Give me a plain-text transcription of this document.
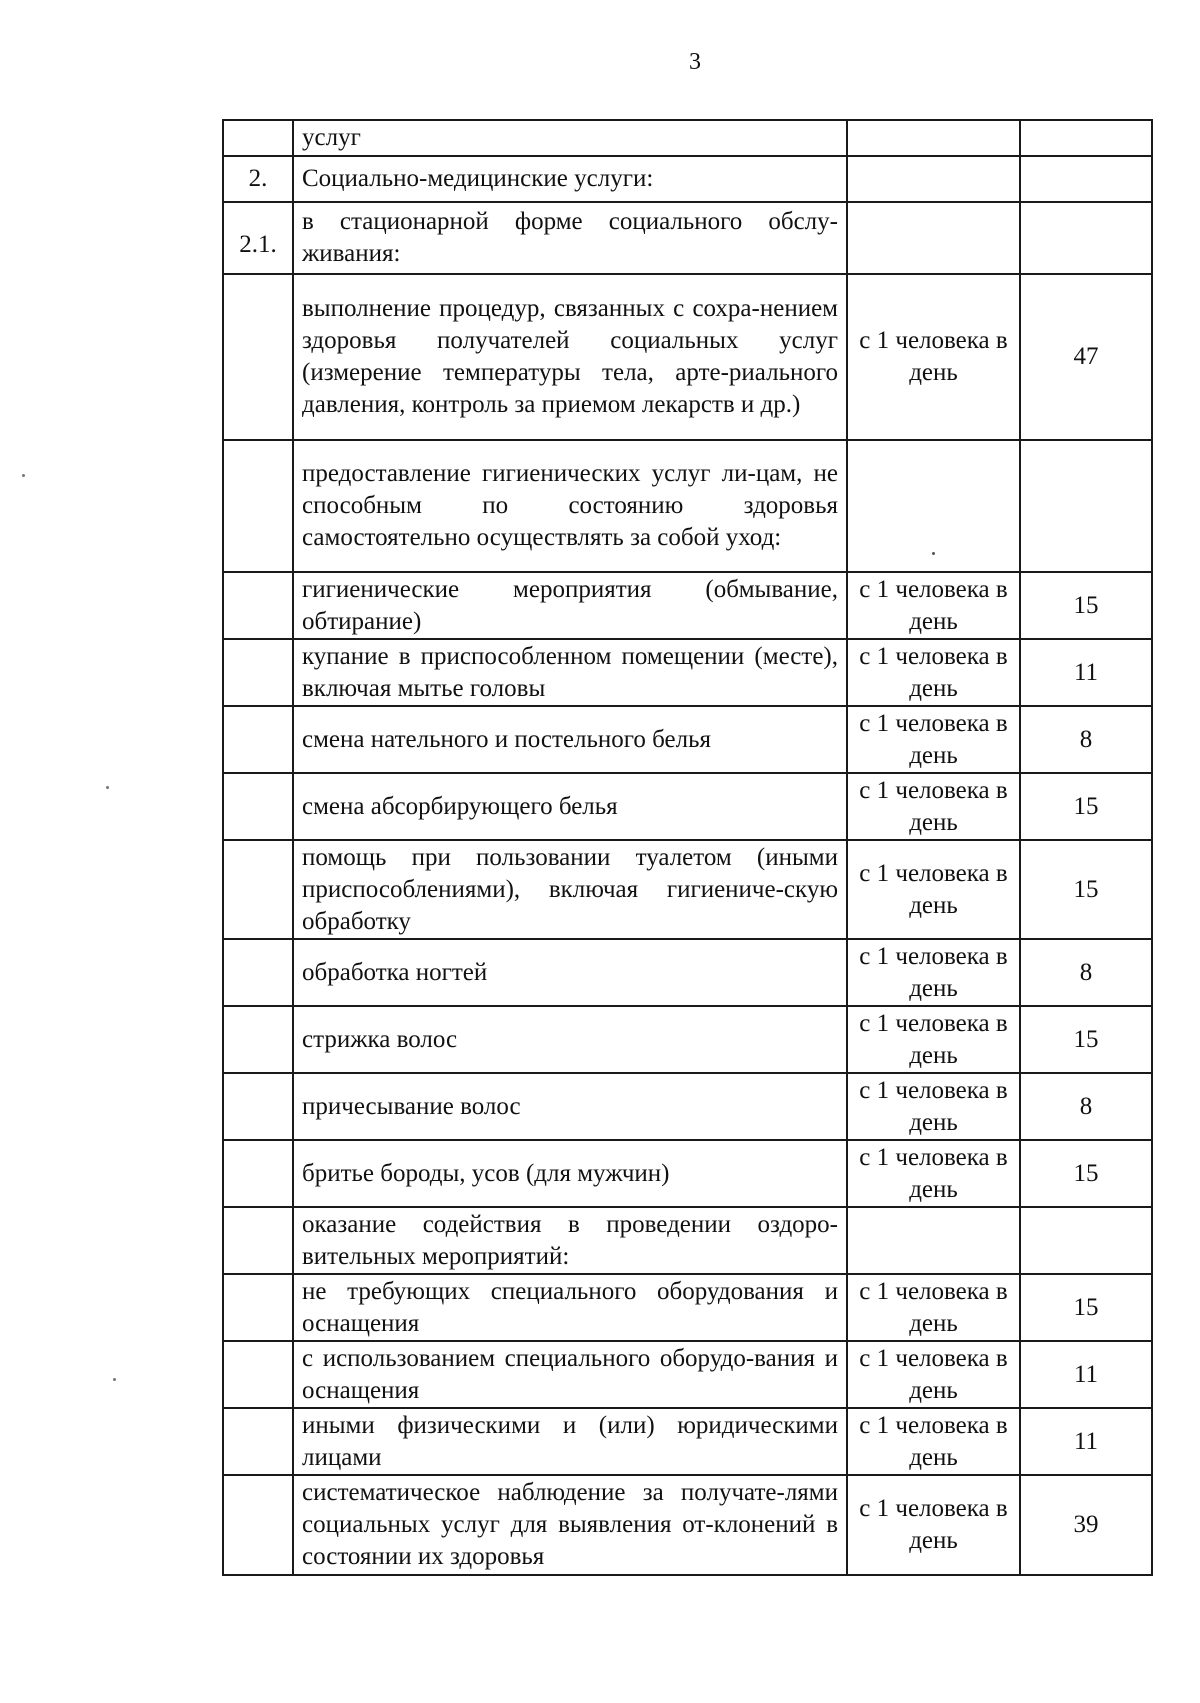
3
	услуг		
2.	Социально-медицинские услуги:		
2.1.	в стационарной форме социального обслу-живания:		
	выполнение процедур, связанных с сохра-нением здоровья получателей социальных услуг (измерение температуры тела, арте-риального давления, контроль за приемом лекарств и др.)	с 1 человека в день	47
	предоставление гигиенических услуг ли-цам, не способным по состоянию здоровья самостоятельно осуществлять за собой уход:		
	гигиенические мероприятия (обмывание, обтирание)	с 1 человека в день	15
	купание в приспособленном помещении (месте), включая мытье головы	с 1 человека в день	11
	смена нательного и постельного белья	с 1 человека в день	8
	смена абсорбирующего белья	с 1 человека в день	15
	помощь при пользовании туалетом (иными приспособлениями), включая гигиениче-скую обработку	с 1 человека в день	15
	обработка ногтей	с 1 человека в день	8
	стрижка волос	с 1 человека в день	15
	причесывание волос	с 1 человека в день	8
	бритье бороды, усов (для мужчин)	с 1 человека в день	15
	оказание содействия в проведении оздоро-вительных мероприятий:		
	не требующих специального оборудования и оснащения	с 1 человека в день	15
	с использованием специального оборудо-вания и оснащения	с 1 человека в день	11
	иными физическими и (или) юридическими лицами	с 1 человека в день	11
	систематическое наблюдение за получате-лями социальных услуг для выявления от-клонений в состоянии их здоровья	с 1 человека в день	39
